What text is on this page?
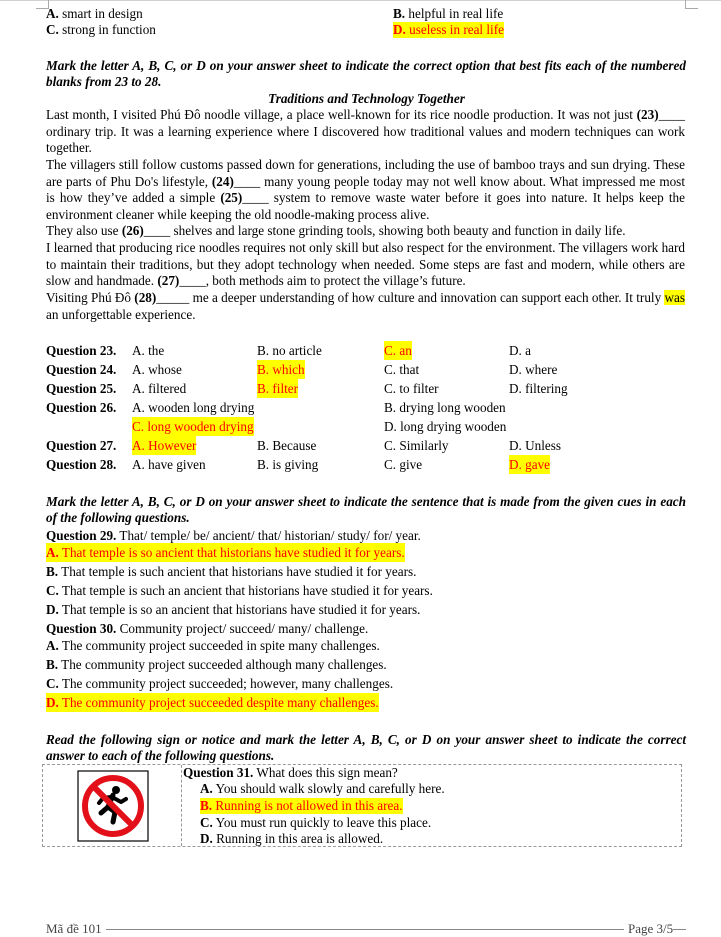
A. smart in design	B. helpful in real life
C. strong in function	D. useless in real life
Mark the letter A, B, C, or D on your answer sheet to indicate the correct option that best fits each of the numbered blanks from 23 to 28.
Traditions and Technology Together
Last month, I visited Phú Đô noodle village, a place well-known for its rice noodle production. It was not just (23)____ ordinary trip. It was a learning experience where I discovered how traditional values and modern techniques can work together.
The villagers still follow customs passed down for generations, including the use of bamboo trays and sun drying. These are parts of Phu Do's lifestyle, (24)____ many young people today may not well know about. What impressed me most is how they’ve added a simple (25)____ system to remove waste water before it goes into nature. It helps keep the environment cleaner while keeping the old noodle-making process alive.
They also use (26)____ shelves and large stone grinding tools, showing both beauty and function in daily life.
I learned that producing rice noodles requires not only skill but also respect for the environment. The villagers work hard to maintain their traditions, but they adopt technology when needed. Some steps are fast and modern, while others are slow and handmade. (27)____, both methods aim to protect the village’s future.
Visiting Phú Đô (28)_____ me a deeper understanding of how culture and innovation can support each other. It truly was an unforgettable experience.
Question 23. A. the	B. no article	C. an	D. a
Question 24. A. whose	B. which	C. that	D. where
Question 25. A. filtered	B. filter	C. to filter	D. filtering
Question 26. A. wooden long drying	B. drying long wooden
C. long wooden drying	D. long drying wooden
Question 27. A. However	B. Because	C. Similarly	D. Unless
Question 28. A. have given	B. is giving	C. give	D. gave
Mark the letter A, B, C, or D on your answer sheet to indicate the sentence that is made from the given cues in each of the following questions.
Question 29. That/ temple/ be/ ancient/ that/ historian/ study/ for/ year.
A. That temple is so ancient that historians have studied it for years.
B. That temple is such ancient that historians have studied it for years.
C. That temple is such an ancient that historians have studied it for years.
D. That temple is so an ancient that historians have studied it for years.
Question 30. Community project/ succeed/ many/ challenge.
A. The community project succeeded in spite many challenges.
B. The community project succeeded although many challenges.
C. The community project succeeded; however, many challenges.
D. The community project succeeded despite many challenges.
Read the following sign or notice and mark the letter A, B, C, or D on your answer sheet to indicate the correct answer to each of the following questions.
Question 31. What does this sign mean?
A. You should walk slowly and carefully here.
B. Running is not allowed in this area.
C. You must run quickly to leave this place.
D. Running in this area is allowed.
Mã đề 101	Page 3/5
